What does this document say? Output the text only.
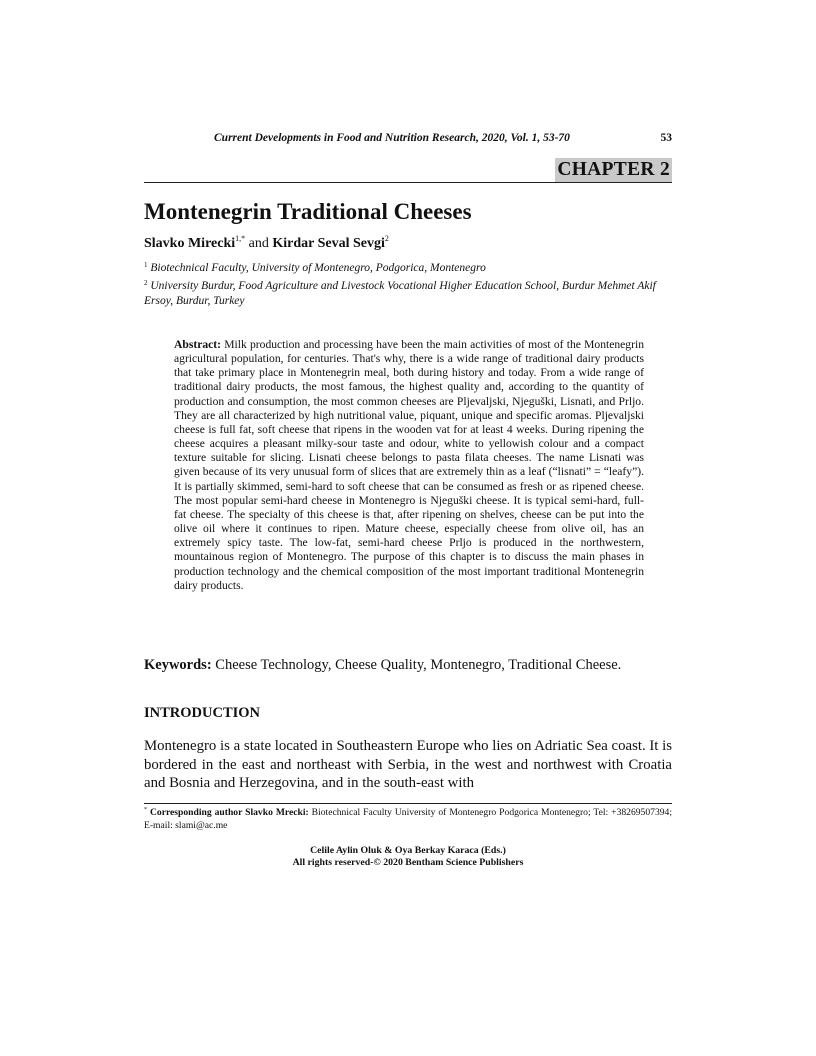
Current Developments in Food and Nutrition Research, 2020, Vol. 1, 53-70	53
CHAPTER 2
Montenegrin Traditional Cheeses
Slavko Mirecki$^{1,*}$ and Kirdar Seval Sevgi$^2$
$^1$ Biotechnical Faculty, University of Montenegro, Podgorica, Montenegro
$^2$ University Burdur, Food Agriculture and Livestock Vocational Higher Education School, Burdur Mehmet Akif Ersoy, Burdur, Turkey
Abstract: Milk production and processing have been the main activities of most of the Montenegrin agricultural population, for centuries. That's why, there is a wide range of traditional dairy products that take primary place in Montenegrin meal, both during history and today. From a wide range of traditional dairy products, the most famous, the highest quality and, according to the quantity of production and consumption, the most common cheeses are Pljevaljski, Njeguški, Lisnati, and Prljo. They are all characterized by high nutritional value, piquant, unique and specific aromas. Pljevaljski cheese is full fat, soft cheese that ripens in the wooden vat for at least 4 weeks. During ripening the cheese acquires a pleasant milky-sour taste and odour, white to yellowish colour and a compact texture suitable for slicing. Lisnati cheese belongs to pasta filata cheeses. The name Lisnati was given because of its very unusual form of slices that are extremely thin as a leaf (“lisnati” = “leafy”). It is partially skimmed, semi-hard to soft cheese that can be consumed as fresh or as ripened cheese. The most popular semi-hard cheese in Montenegro is Njeguški cheese. It is typical semi-hard, full-fat cheese. The specialty of this cheese is that, after ripening on shelves, cheese can be put into the olive oil where it continues to ripen. Mature cheese, especially cheese from olive oil, has an extremely spicy taste. The low-fat, semi-hard cheese Prljo is produced in the northwestern, mountainous region of Montenegro. The purpose of this chapter is to discuss the main phases in production technology and the chemical composition of the most important traditional Montenegrin dairy products.
Keywords: Cheese Technology, Cheese Quality, Montenegro, Traditional Cheese.
INTRODUCTION
Montenegro is a state located in Southeastern Europe who lies on Adriatic Sea coast. It is bordered in the east and northeast with Serbia, in the west and northwest with Croatia and Bosnia and Herzegovina, and in the south-east with
* Corresponding author Slavko Mrecki: Biotechnical Faculty University of Montenegro Podgorica Montenegro; Tel: +38269507394; E-mail: slami@ac.me
Celile Aylin Oluk & Oya Berkay Karaca (Eds.)
All rights reserved-© 2020 Bentham Science Publishers
